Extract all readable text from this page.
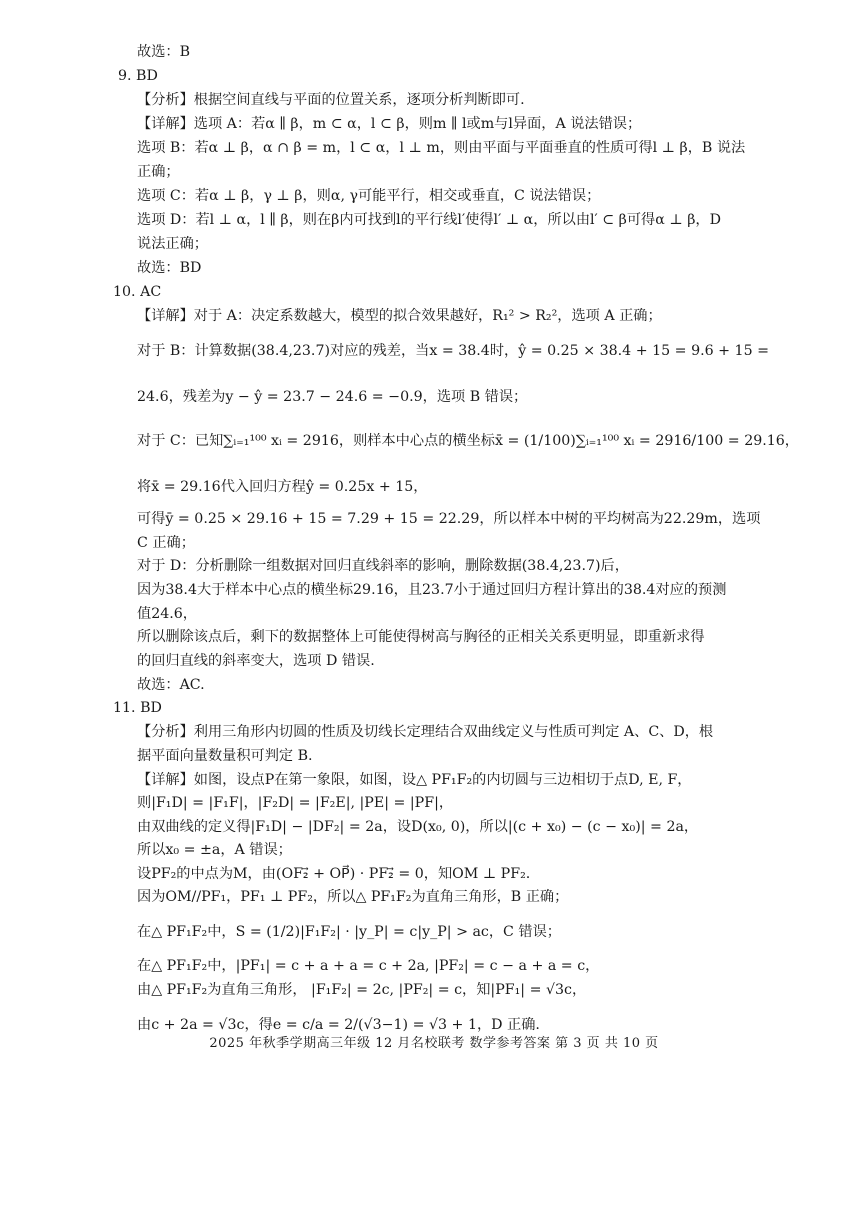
故选：B
9. BD
【分析】根据空间直线与平面的位置关系，逐项分析判断即可.
【详解】选项 A：若α ∥ β，m ⊂ α，l ⊂ β，则m ∥ l或m与l异面，A 说法错误；
选项 B：若α ⊥ β，α ∩ β = m，l ⊂ α，l ⊥ m，则由平面与平面垂直的性质可得l ⊥ β，B 说法
正确；
选项 C：若α ⊥ β，γ ⊥ β，则α, γ可能平行，相交或垂直，C 说法错误；
选项 D：若l ⊥ α，l ∥ β，则在β内可找到l的平行线l′使得l′ ⊥ α，所以由l′ ⊂ β可得α ⊥ β，D
说法正确；
故选：BD
10. AC
【详解】对于 A：决定系数越大，模型的拟合效果越好，R₁² > R₂²，选项 A 正确；
对于 B：计算数据(38.4,23.7)对应的残差，当x = 38.4时，ŷ = 0.25 × 38.4 + 15 = 9.6 + 15 =
24.6，残差为y − ŷ = 23.7 − 24.6 = −0.9，选项 B 错误；
对于 C：已知∑ᵢ₌₁¹⁰⁰ xᵢ = 2916，则样本中心点的横坐标x̄ = (1/100)∑ᵢ₌₁¹⁰⁰ xᵢ = 2916/100 = 29.16，
将x̄ = 29.16代入回归方程ŷ = 0.25x + 15，
可得ȳ = 0.25 × 29.16 + 15 = 7.29 + 15 = 22.29，所以样本中树的平均树高为22.29m，选项
C 正确；
对于 D：分析删除一组数据对回归直线斜率的影响，删除数据(38.4,23.7)后，
因为38.4大于样本中心点的横坐标29.16，且23.7小于通过回归方程计算出的38.4对应的预测
值24.6，
所以删除该点后，剩下的数据整体上可能使得树高与胸径的正相关关系更明显，即重新求得
的回归直线的斜率变大，选项 D 错误.
故选：AC.
11. BD
【分析】利用三角形内切圆的性质及切线长定理结合双曲线定义与性质可判定 A、C、D，根
据平面向量数量积可判定 B.
【详解】如图，设点P在第一象限，如图，设△ PF₁F₂的内切圆与三边相切于点D, E, F，
则|F₁D| = |F₁F|，|F₂D| = |F₂E|, |PE| = |PF|，
由双曲线的定义得|F₁D| − |DF₂| = 2a，设D(x₀, 0)，所以|(c + x₀) − (c − x₀)| = 2a，
所以x₀ = ±a，A 错误；
设PF₂的中点为M，由(OF₂⃗ + OP⃗) · PF₂⃗ = 0，知OM ⊥ PF₂.
因为OM//PF₁，PF₁ ⊥ PF₂，所以△ PF₁F₂为直角三角形，B 正确；
在△ PF₁F₂中，S = (1/2)|F₁F₂| · |y_P| = c|y_P| > ac，C 错误；
在△ PF₁F₂中，|PF₁| = c + a + a = c + 2a, |PF₂| = c − a + a = c，
由△ PF₁F₂为直角三角形， |F₁F₂| = 2c, |PF₂| = c，知|PF₁| = √3c，
由c + 2a = √3c，得e = c/a = 2/(√3−1) = √3 + 1，D 正确.
2025 年秋季学期高三年级 12 月名校联考 数学参考答案 第 3 页 共 10 页
